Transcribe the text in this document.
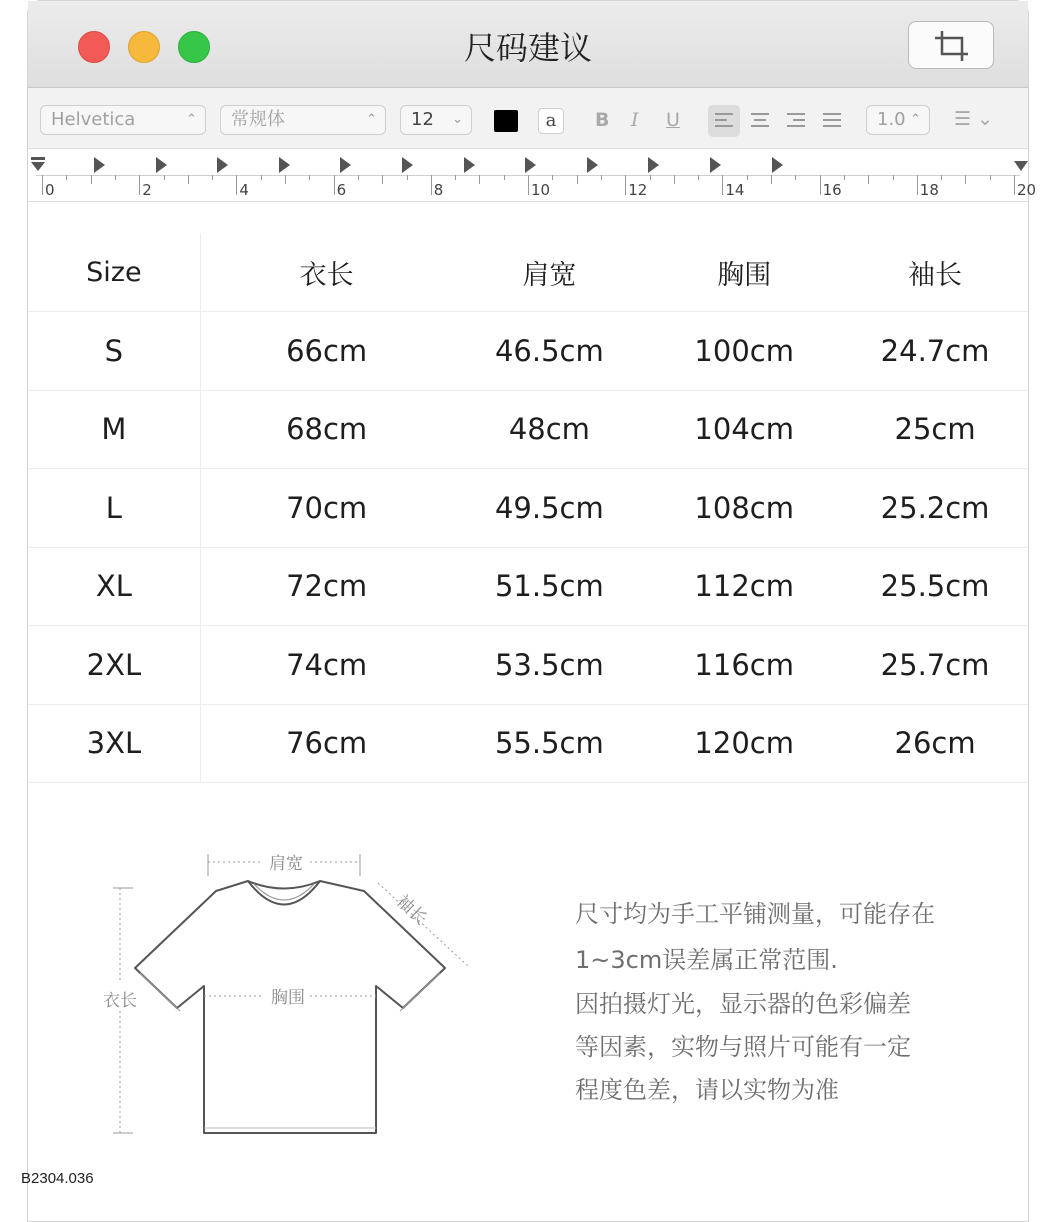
尺码建议
Helvetica	⌃	常规体	⌃	12 ⌄	a	B I U	1.0 ⌃ ☰ ⌄
0	2	4	6	8	10	12	14	16	18	20
Size	衣长	肩宽	胸围	袖长
S	66cm	46.5cm	100cm	24.7cm
M	68cm	48cm	104cm	25cm
L	70cm	49.5cm	108cm	25.2cm
XL	72cm	51.5cm	112cm	25.5cm
2XL	74cm	53.5cm	116cm	25.7cm
3XL	76cm	55.5cm	120cm	26cm
肩宽
袖长
衣长	胸围
尺寸均为手工平铺测量，可能存在
1~3cm误差属正常范围.
因拍摄灯光，显示器的色彩偏差
等因素，实物与照片可能有一定
程度色差，请以实物为准
B2304.036
